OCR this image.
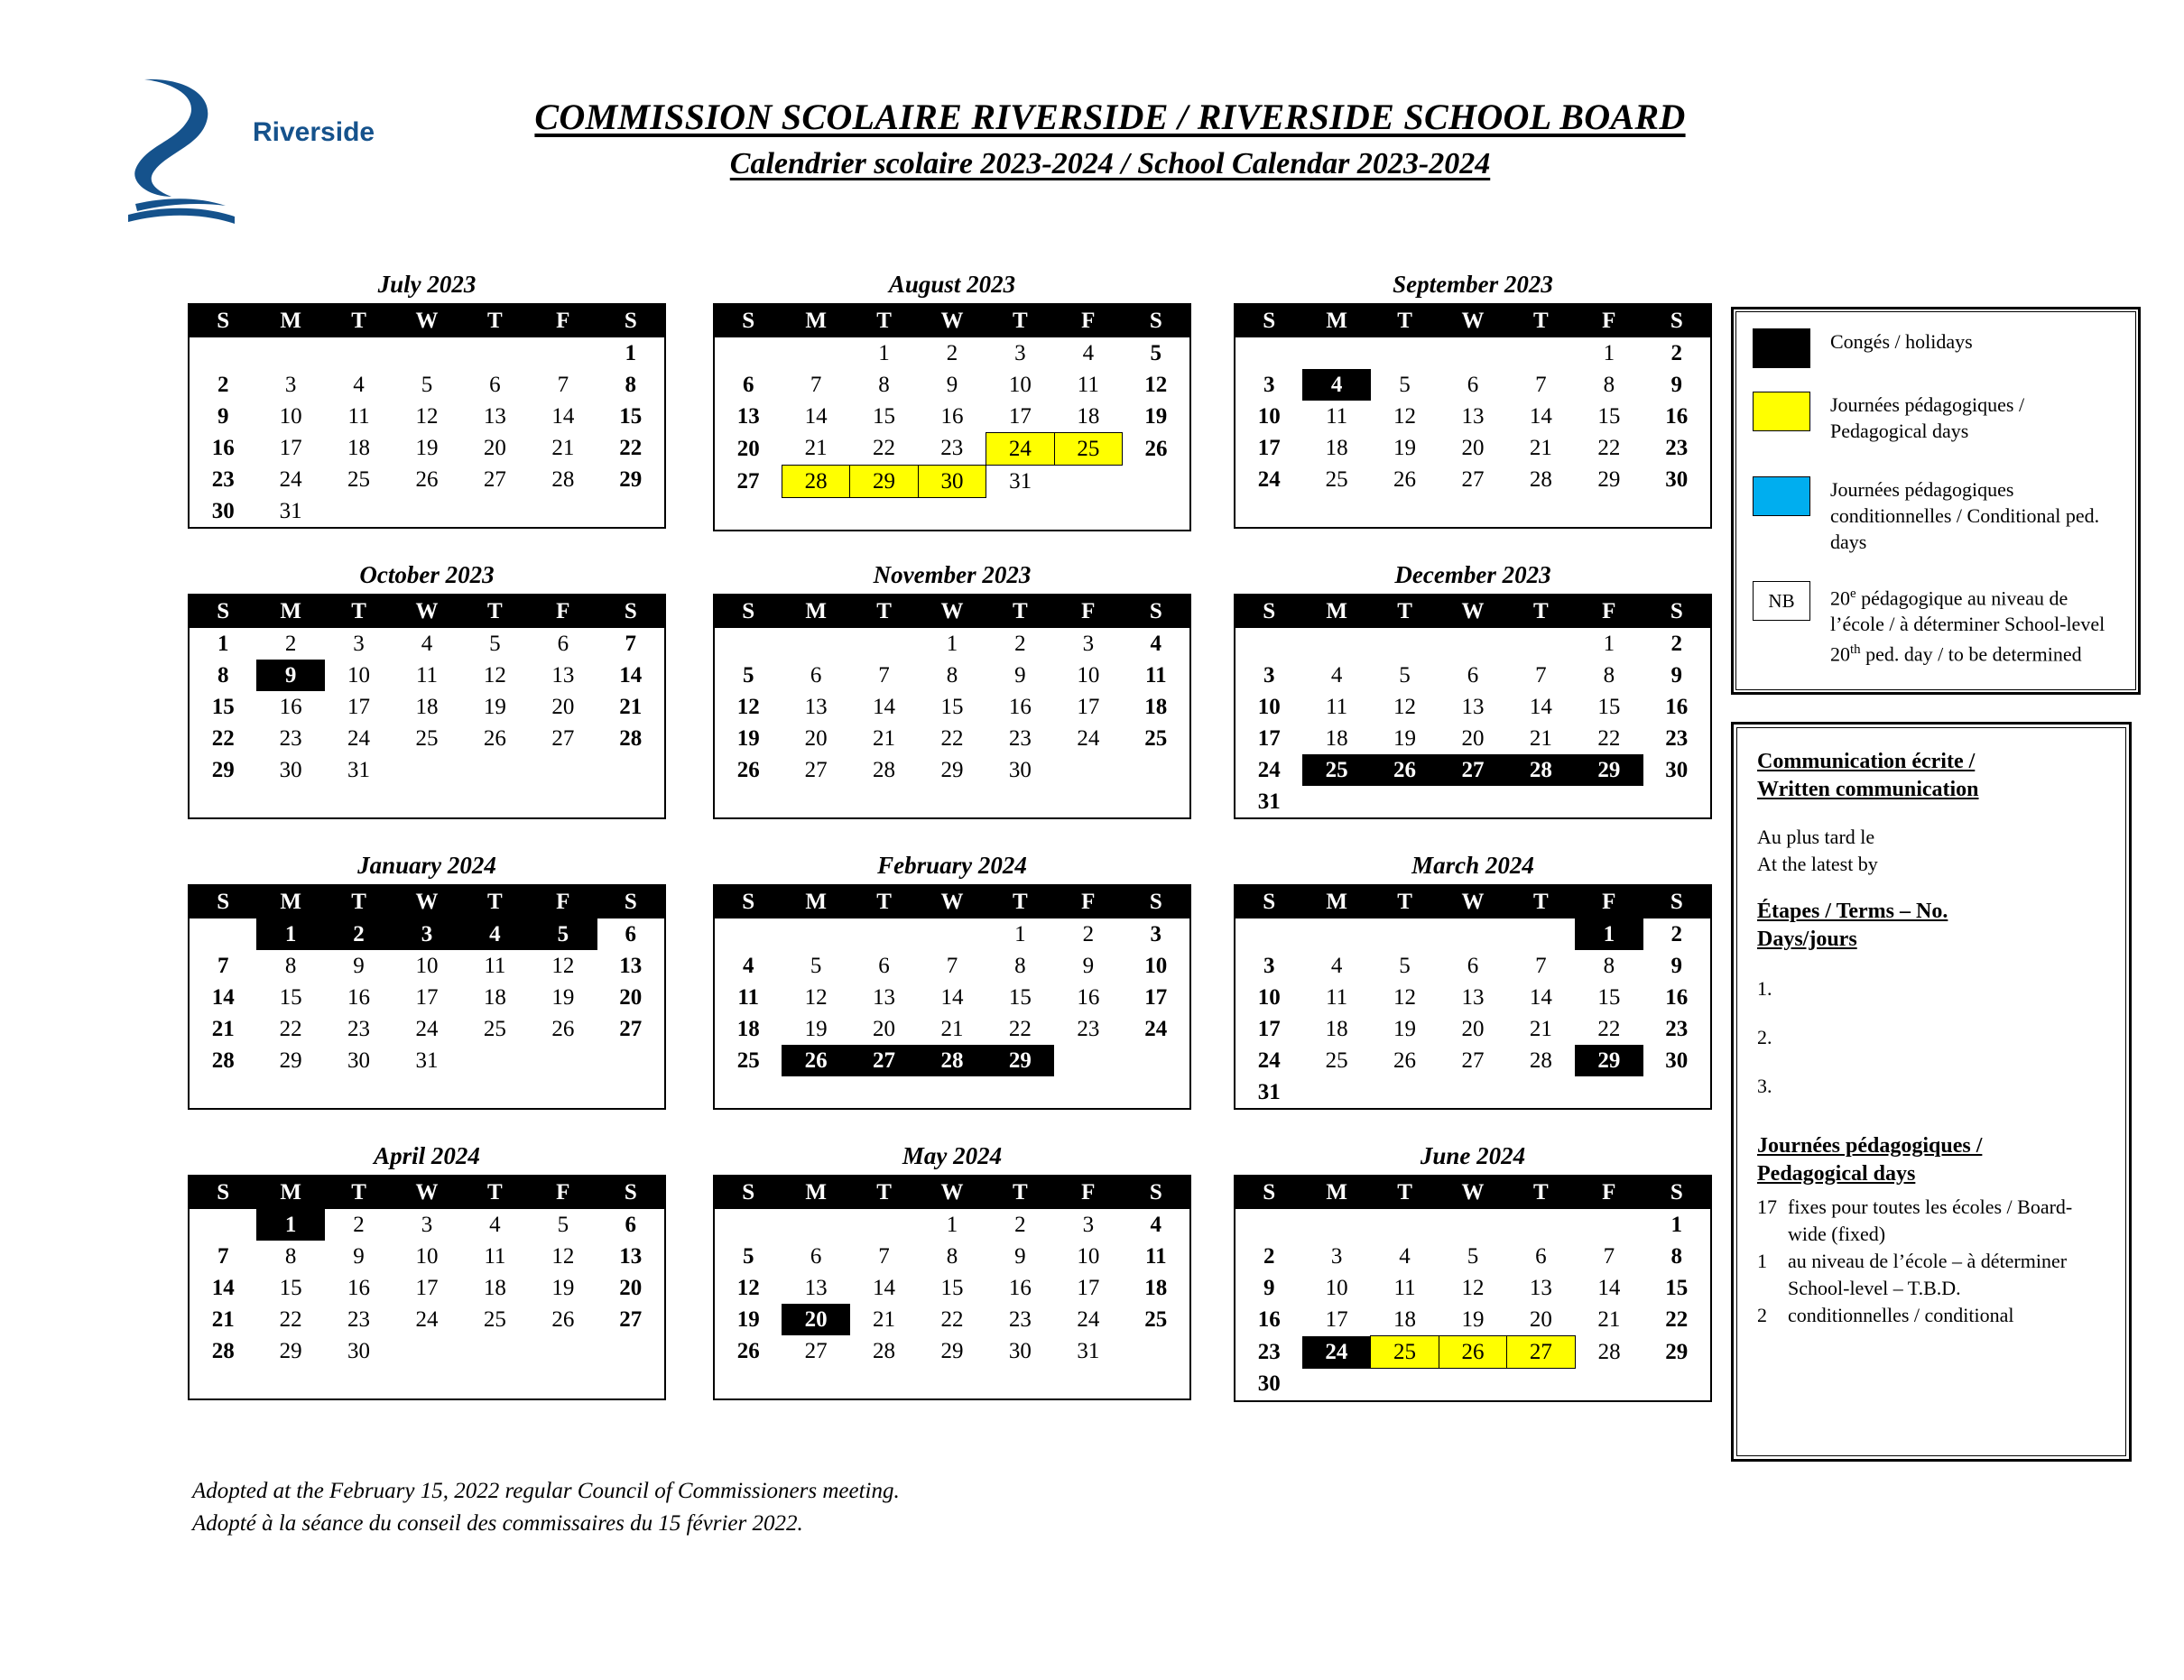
Riverside	COMMISSION SCOLAIRE RIVERSIDE / RIVERSIDE SCHOOL BOARD
Calendrier scolaire 2023-2024 / School Calendar 2023-2024
July 2023
S	M	T	W	T	F	S
						1
2	3	4	5	6	7	8
9	10	11	12	13	14	15
16	17	18	19	20	21	22
23	24	25	26	27	28	29
30	31					
August 2023
S	M	T	W	T	F	S
		1	2	3	4	5
6	7	8	9	10	11	12
13	14	15	16	17	18	19
20	21	22	23	24	25	26
27	28	29	30	31		

September 2023
S	M	T	W	T	F	S
					1	2
3	4	5	6	7	8	9
10	11	12	13	14	15	16
17	18	19	20	21	22	23
24	25	26	27	28	29	30

October 2023
S	M	T	W	T	F	S
1	2	3	4	5	6	7
8	9	10	11	12	13	14
15	16	17	18	19	20	21
22	23	24	25	26	27	28
29	30	31				

November 2023
S	M	T	W	T	F	S
			1	2	3	4
5	6	7	8	9	10	11
12	13	14	15	16	17	18
19	20	21	22	23	24	25
26	27	28	29	30		

December 2023
S	M	T	W	T	F	S
					1	2
3	4	5	6	7	8	9
10	11	12	13	14	15	16
17	18	19	20	21	22	23
24	25	26	27	28	29	30
31						
January 2024
S	M	T	W	T	F	S
	1	2	3	4	5	6
7	8	9	10	11	12	13
14	15	16	17	18	19	20
21	22	23	24	25	26	27
28	29	30	31			

February 2024
S	M	T	W	T	F	S
				1	2	3
4	5	6	7	8	9	10
11	12	13	14	15	16	17
18	19	20	21	22	23	24
25	26	27	28	29		

March 2024
S	M	T	W	T	F	S
					1	2
3	4	5	6	7	8	9
10	11	12	13	14	15	16
17	18	19	20	21	22	23
24	25	26	27	28	29	30
31						
April 2024
S	M	T	W	T	F	S
	1	2	3	4	5	6
7	8	9	10	11	12	13
14	15	16	17	18	19	20
21	22	23	24	25	26	27
28	29	30				

May 2024
S	M	T	W	T	F	S
			1	2	3	4
5	6	7	8	9	10	11
12	13	14	15	16	17	18
19	20	21	22	23	24	25
26	27	28	29	30	31	

June 2024
S	M	T	W	T	F	S
						1
2	3	4	5	6	7	8
9	10	11	12	13	14	15
16	17	18	19	20	21	22
23	24	25	26	27	28	29
30						
Congés / holidays
Journées pédagogiques / Pedagogical days
Journées pédagogiques conditionnelles / Conditional ped. days
NB	20e pédagogique au niveau de l’école / à déterminer School-level 20th ped. day / to be determined
Communication écrite /
Written communication
Au plus tard le
At the latest by
Étapes / Terms – No.
Days/jours
1.
2.
3.
Journées pédagogiques /
Pedagogical days
17 fixes pour toutes les écoles / Board-wide (fixed)
1	au niveau de l’école – à déterminer School-level – T.B.D.
2	conditionnelles / conditional
Adopted at the February 15, 2022 regular Council of Commissioners meeting.
Adopté à la séance du conseil des commissaires du 15 février 2022.
